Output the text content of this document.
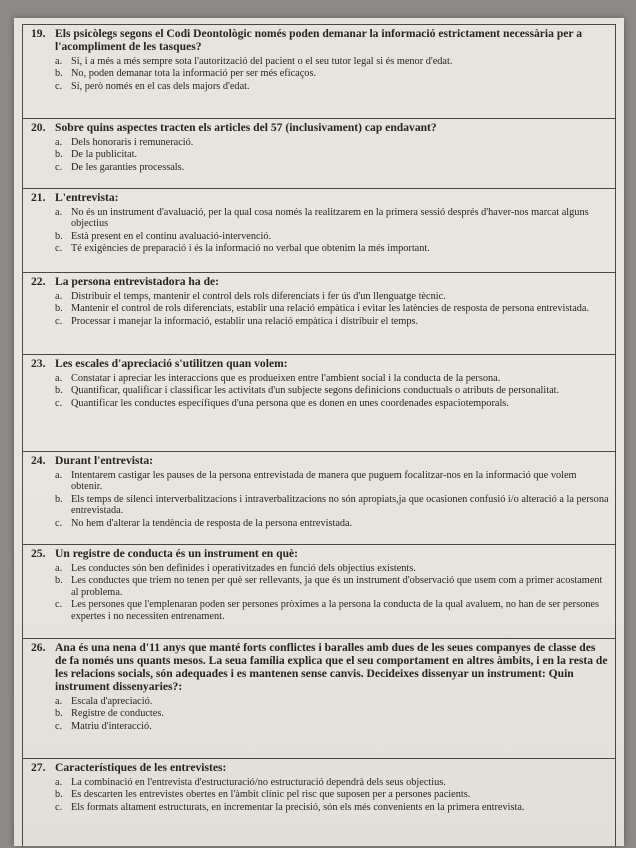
19. Els psicòlegs segons el Codi Deontològic només poden demanar la informació estrictament necessària per a l'acompliment de les tasques?
a. Sí, i a més a més sempre sota l'autorització del pacient o el seu tutor legal si és menor d'edat.
b. No, poden demanar tota la informació per ser més eficaços.
c. Sí, però només en el cas dels majors d'edat.
20. Sobre quins aspectes tracten els articles del 57 (inclusivament) cap endavant?
a. Dels honoraris i remuneració.
b. De la publicitat.
c. De les garanties processals.
21. L'entrevista:
a. No és un instrument d'avaluació, per la qual cosa només la realitzarem en la primera sessió després d'haver-nos marcat alguns objectius
b. Està present en el continu avaluació-intervenció.
c. Té exigències de preparació i és la informació no verbal que obtenim la més important.
22. La persona entrevistadora ha de:
a. Distribuir el temps, mantenir el control dels rols diferenciats i fer ús d'un llenguatge tècnic.
b. Mantenir el control de rols diferenciats, establir una relació empàtica i evitar les latències de resposta de persona entrevistada.
c. Processar i manejar la informació, establir una relació empàtica i distribuir el temps.
23. Les escales d'apreciació s'utilitzen quan volem:
a. Constatar i apreciar les interaccions que es produeixen entre l'ambient social i la conducta de la persona.
b. Quantificar, qualificar i classificar les activitats d'un subjecte segons definicions conductuals o atributs de personalitat.
c. Quantificar les conductes específiques d'una persona que es donen en unes coordenades espaciotemporals.
24. Durant l'entrevista:
a. Intentarem castigar les pauses de la persona entrevistada de manera que puguem focalitzar-nos en la informació que volem obtenir.
b. Els temps de silenci interverbalitzacions i intraverbalitzacions no són apropiats,ja que ocasionen confusió i/o alteració a la persona entrevistada.
c. No hem d'alterar la tendència de resposta de la persona entrevistada.
25. Un registre de conducta és un instrument en què:
a. Les conductes són ben definides i operativitzades en funció dels objectius existents.
b. Les conductes que triem no tenen per què ser rellevants, ja que és un instrument d'observació que usem com a primer acostament al problema.
c. Les persones que l'emplenaran poden ser persones pròximes a la persona la conducta de la qual avaluem, no han de ser persones expertes i no necessiten entrenament.
26. Ana és una nena d'11 anys que manté forts conflictes i baralles amb dues de les seues companyes de classe des de fa només uns quants mesos. La seua família explica que el seu comportament en altres àmbits, i en la resta de les relacions socials, són adequades i es mantenen sense canvis. Decideixes dissenyar un instrument: Quin instrument dissenyaries?:
a. Escala d'apreciació.
b. Registre de conductes.
c. Matriu d'interacció.
27. Característiques de les entrevistes:
a. La combinació en l'entrevista d'estructuració/no estructuració dependrà dels seus objectius.
b. Es descarten les entrevistes obertes en l'àmbit clínic pel risc que suposen per a persones pacients.
c. Els formats altament estructurats, en incrementar la precisió, són els més convenients en la primera entrevista.
